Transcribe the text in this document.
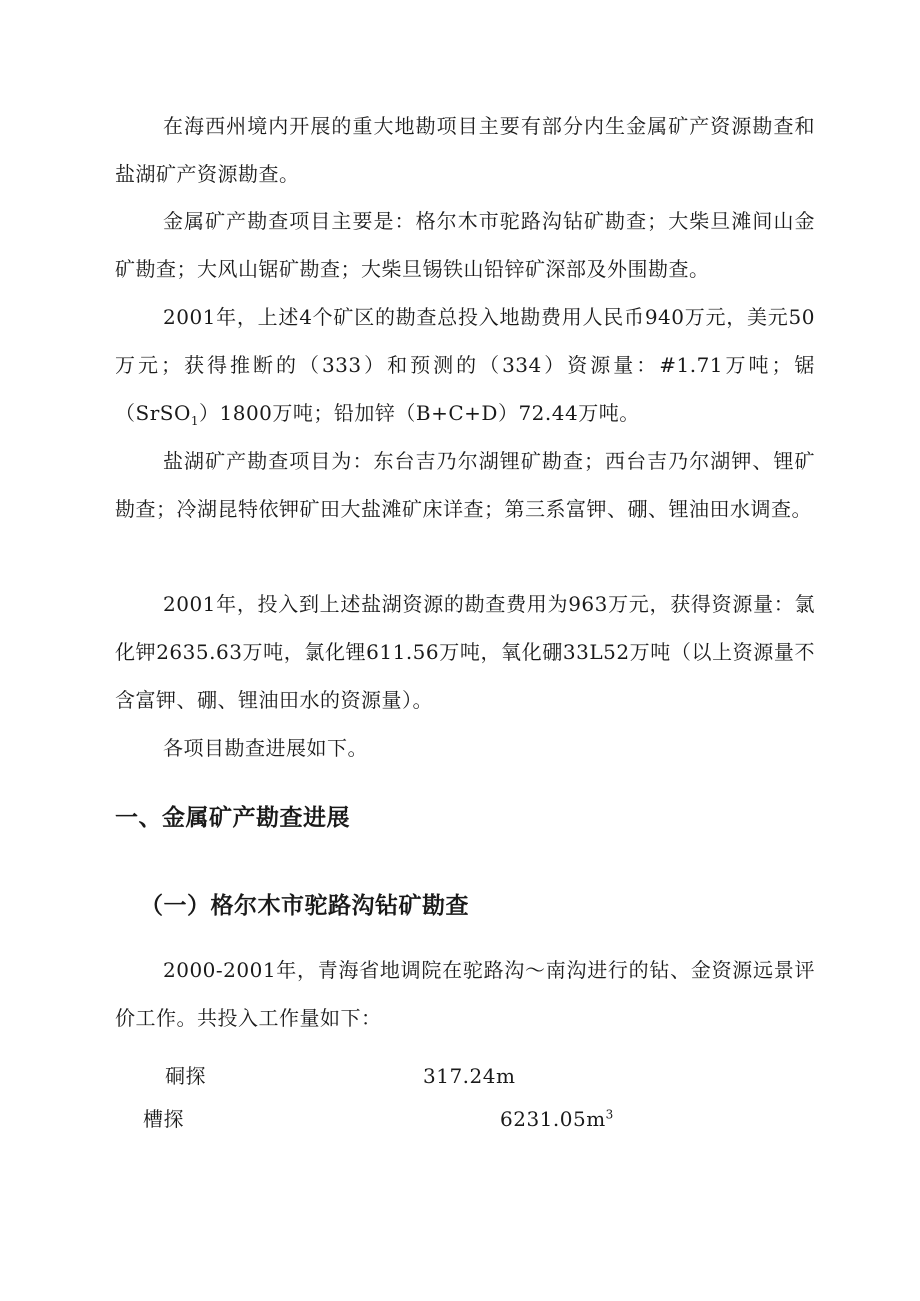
在海西州境内开展的重大地勘项目主要有部分内生金属矿产资源勘查和盐湖矿产资源勘查。

金属矿产勘查项目主要是：格尔木市驼路沟钻矿勘查；大柴旦滩间山金矿勘查；大风山锯矿勘查；大柴旦锡铁山铅锌矿深部及外围勘查。

2001年，上述4个矿区的勘查总投入地勘费用人民币940万元，美元50万元；获得推断的（333）和预测的（334）资源量：#1.71万吨；锯（SrSO$_1$）1800万吨；铅加锌（B+C+D）72.44万吨。

盐湖矿产勘查项目为：东台吉乃尔湖锂矿勘查；西台吉乃尔湖钾、锂矿勘查；冷湖昆特依钾矿田大盐滩矿床详查；第三系富钾、硼、锂油田水调查。

2001年，投入到上述盐湖资源的勘查费用为963万元，获得资源量：氯化钾2635.63万吨，氯化锂611.56万吨，氧化硼33L52万吨（以上资源量不含富钾、硼、锂油田水的资源量）。

各项目勘查进展如下。

一、金属矿产勘查进展
（一）格尔木市驼路沟钻矿勘查

2000-2001年，青海省地调院在驼路沟～南沟进行的钻、金资源远景评价工作。共投入工作量如下：

硐探	317.24m
槽探	$6231.05m^3$
